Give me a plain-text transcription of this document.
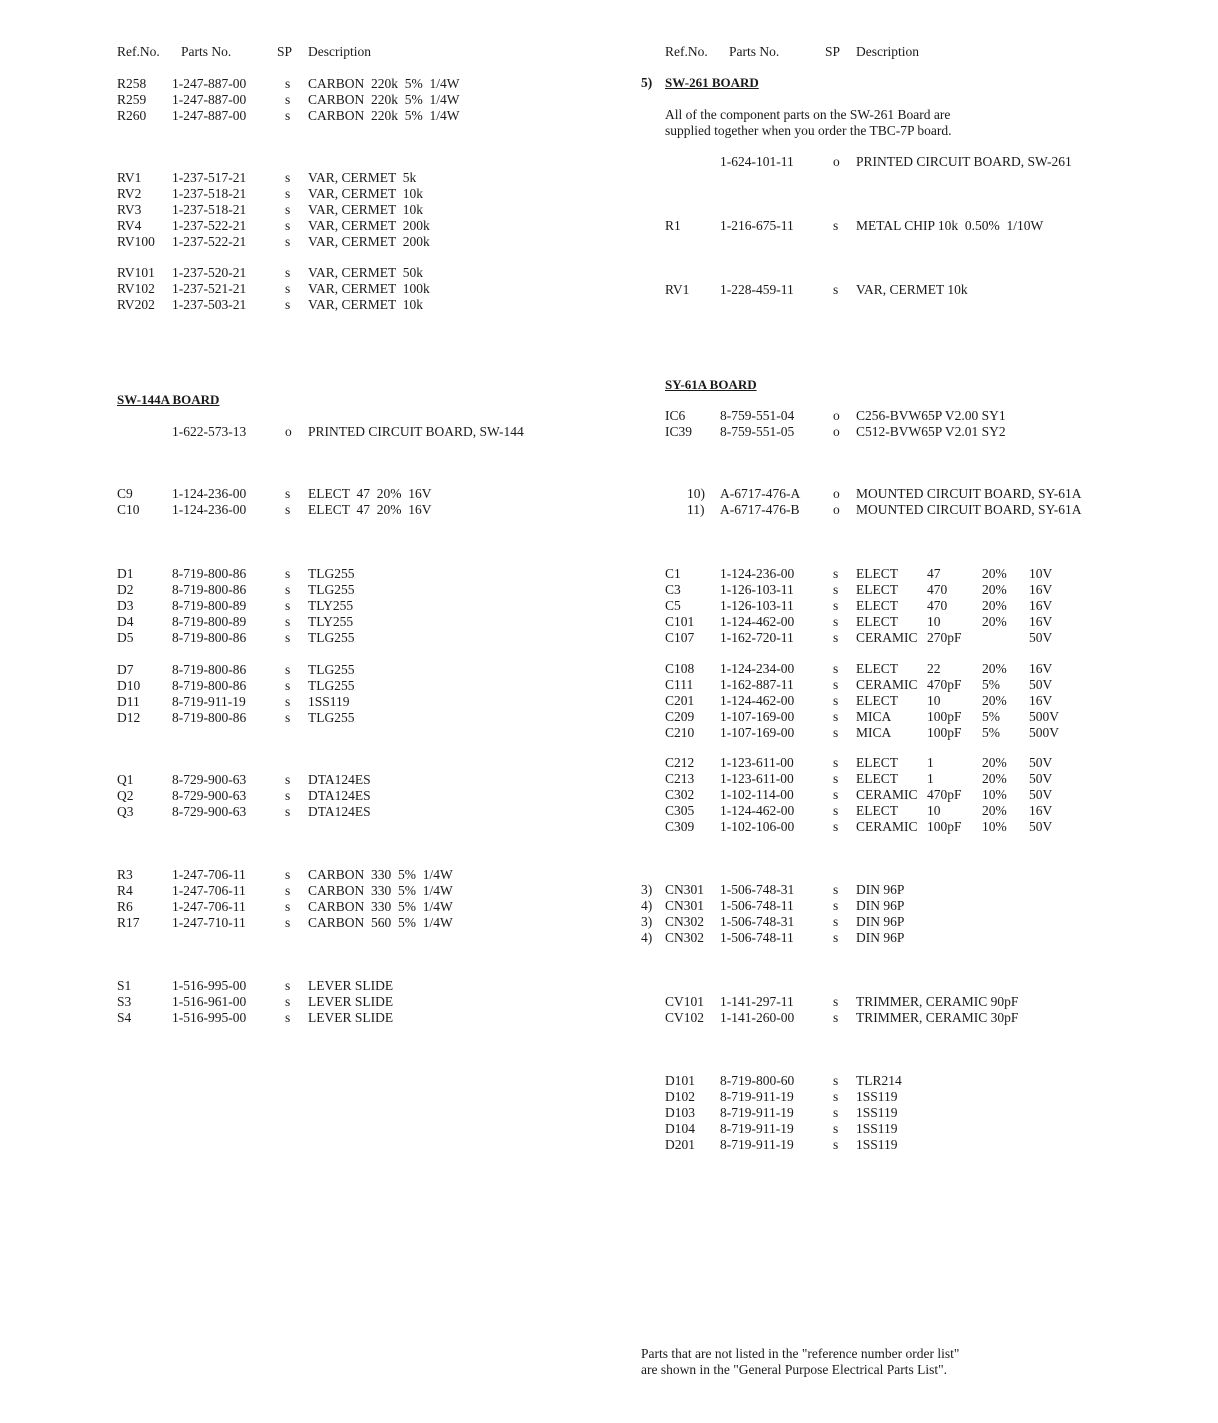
Ref.No. Parts No.	SP Description	Ref.No. Parts No.	SP Description
R258 1-247-887-00	s CARBON  220k  5%  1/4W
R259 1-247-887-00	s CARBON  220k  5%  1/4W
R260 1-247-887-00	s CARBON  220k  5%  1/4W
RV1 1-237-517-21	s VAR, CERMET  5k
RV2 1-237-518-21	s VAR, CERMET  10k
RV3 1-237-518-21	s VAR, CERMET  10k
RV4 1-237-522-21	s VAR, CERMET  200k
RV100 1-237-522-21	s VAR, CERMET  200k
RV101 1-237-520-21	s VAR, CERMET  50k
RV102 1-237-521-21	s VAR, CERMET  100k
RV202 1-237-503-21	s VAR, CERMET  10k
1-622-573-13	o PRINTED CIRCUIT BOARD, SW-144
C9	1-124-236-00	s ELECT  47  20%  16V
C10 1-124-236-00	s ELECT  47  20%  16V
D1	8-719-800-86	s TLG255
D2	8-719-800-86	s TLG255
D3	8-719-800-89	s TLY255
D4	8-719-800-89	s TLY255
D5	8-719-800-86	s TLG255
D7	8-719-800-86	s TLG255
D10 8-719-800-86	s TLG255
D11 8-719-911-19	s 1SS119
D12 8-719-800-86	s TLG255
Q1	8-729-900-63	s DTA124ES
Q2	8-729-900-63	s DTA124ES
Q3	8-729-900-63	s DTA124ES
R3	1-247-706-11	s CARBON  330  5%  1/4W
R4	1-247-706-11	s CARBON  330  5%  1/4W
R6	1-247-706-11	s CARBON  330  5%  1/4W
R17 1-247-710-11	s CARBON  560  5%  1/4W
S1	1-516-995-00	s LEVER SLIDE
S3	1-516-961-00	s LEVER SLIDE
S4	1-516-995-00	s LEVER SLIDE
SW-144A BOARD
5) SW-261 BOARD
All of the component parts on the SW-261 Board are
supplied together when you order the TBC-7P board.
SY-61A BOARD
1-624-101-11	o PRINTED CIRCUIT BOARD, SW-261
R1	1-216-675-11	s METAL CHIP 10k  0.50%  1/10W
RV1 1-228-459-11	s VAR, CERMET 10k
IC6	8-759-551-04	o C256-BVW65P V2.00 SY1
IC39 8-759-551-05	o C512-BVW65P V2.01 SY2
10) A-6717-476-A o MOUNTED CIRCUIT BOARD, SY-61A
11) A-6717-476-B o MOUNTED CIRCUIT BOARD, SY-61A
C1	1-124-236-00	s ELECT 47	20% 10V
C3	1-126-103-11	s ELECT 470	20% 16V
C5	1-126-103-11	s ELECT 470	20% 16V
C101 1-124-462-00	s ELECT 10	20% 16V
C107 1-162-720-11	s CERAMIC 270pF	50V
C108 1-124-234-00	s ELECT 22	20% 16V
C111 1-162-887-11	s CERAMIC 470pF 5% 50V
C201 1-124-462-00	s ELECT 10	20% 16V
C209 1-107-169-00	s MICA	100pF 5% 500V
C210 1-107-169-00	s MICA	100pF 5% 500V
C212 1-123-611-00	s ELECT 1	20% 50V
C213 1-123-611-00	s ELECT 1	20% 50V
C302 1-102-114-00	s CERAMIC 470pF 10% 50V
C305 1-124-462-00	s ELECT 10	20% 16V
C309 1-102-106-00	s CERAMIC 100pF 10% 50V
3) CN301 1-506-748-31	s DIN 96P
4) CN301 1-506-748-11	s DIN 96P
3) CN302 1-506-748-31	s DIN 96P
4) CN302 1-506-748-11	s DIN 96P
CV101 1-141-297-11	s TRIMMER, CERAMIC 90pF
CV102 1-141-260-00	s TRIMMER, CERAMIC 30pF
D101 8-719-800-60	s TLR214
D102 8-719-911-19	s 1SS119
D103 8-719-911-19	s 1SS119
D104 8-719-911-19	s 1SS119
D201 8-719-911-19	s 1SS119
Parts that are not listed in the "reference number order list"
are shown in the "General Purpose Electrical Parts List".
